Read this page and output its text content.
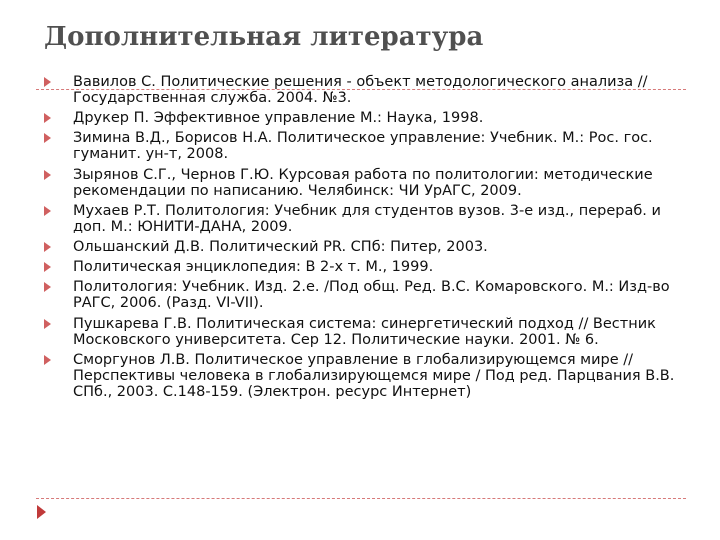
Дополнительная литература
Вавилов С. Политические решения - объект методологического анализа // Государственная служба. 2004. №3.
Друкер П. Эффективное управление М.: Наука, 1998.
Зимина В.Д., Борисов Н.А. Политическое управление: Учебник. М.: Рос. гос. гуманит. ун-т, 2008.
Зырянов С.Г., Чернов Г.Ю. Курсовая работа по политологии: методические рекомендации по написанию. Челябинск: ЧИ УрАГС, 2009.
Мухаев Р.Т. Политология: Учебник для студентов вузов. 3-е изд., перераб. и доп. М.: ЮНИТИ-ДАНА, 2009.
Ольшанский Д.В. Политический PR. СПб: Питер, 2003.
Политическая энциклопедия: В 2-х т. М., 1999.
Политология: Учебник. Изд. 2.е. /Под общ. Ред. В.С. Комаровского. М.: Изд-во РАГС, 2006. (Разд. VI-VII).
Пушкарева Г.В. Политическая система: синергетический подход // Вестник Московского университета. Сер 12. Политические науки. 2001. № 6.
Сморгунов Л.В. Политическое управление в глобализирующемся мире // Перспективы человека в глобализирующемся мире / Под ред. Парцвания В.В. СПб., 2003. С.148-159. (Электрон. ресурс Интернет)
